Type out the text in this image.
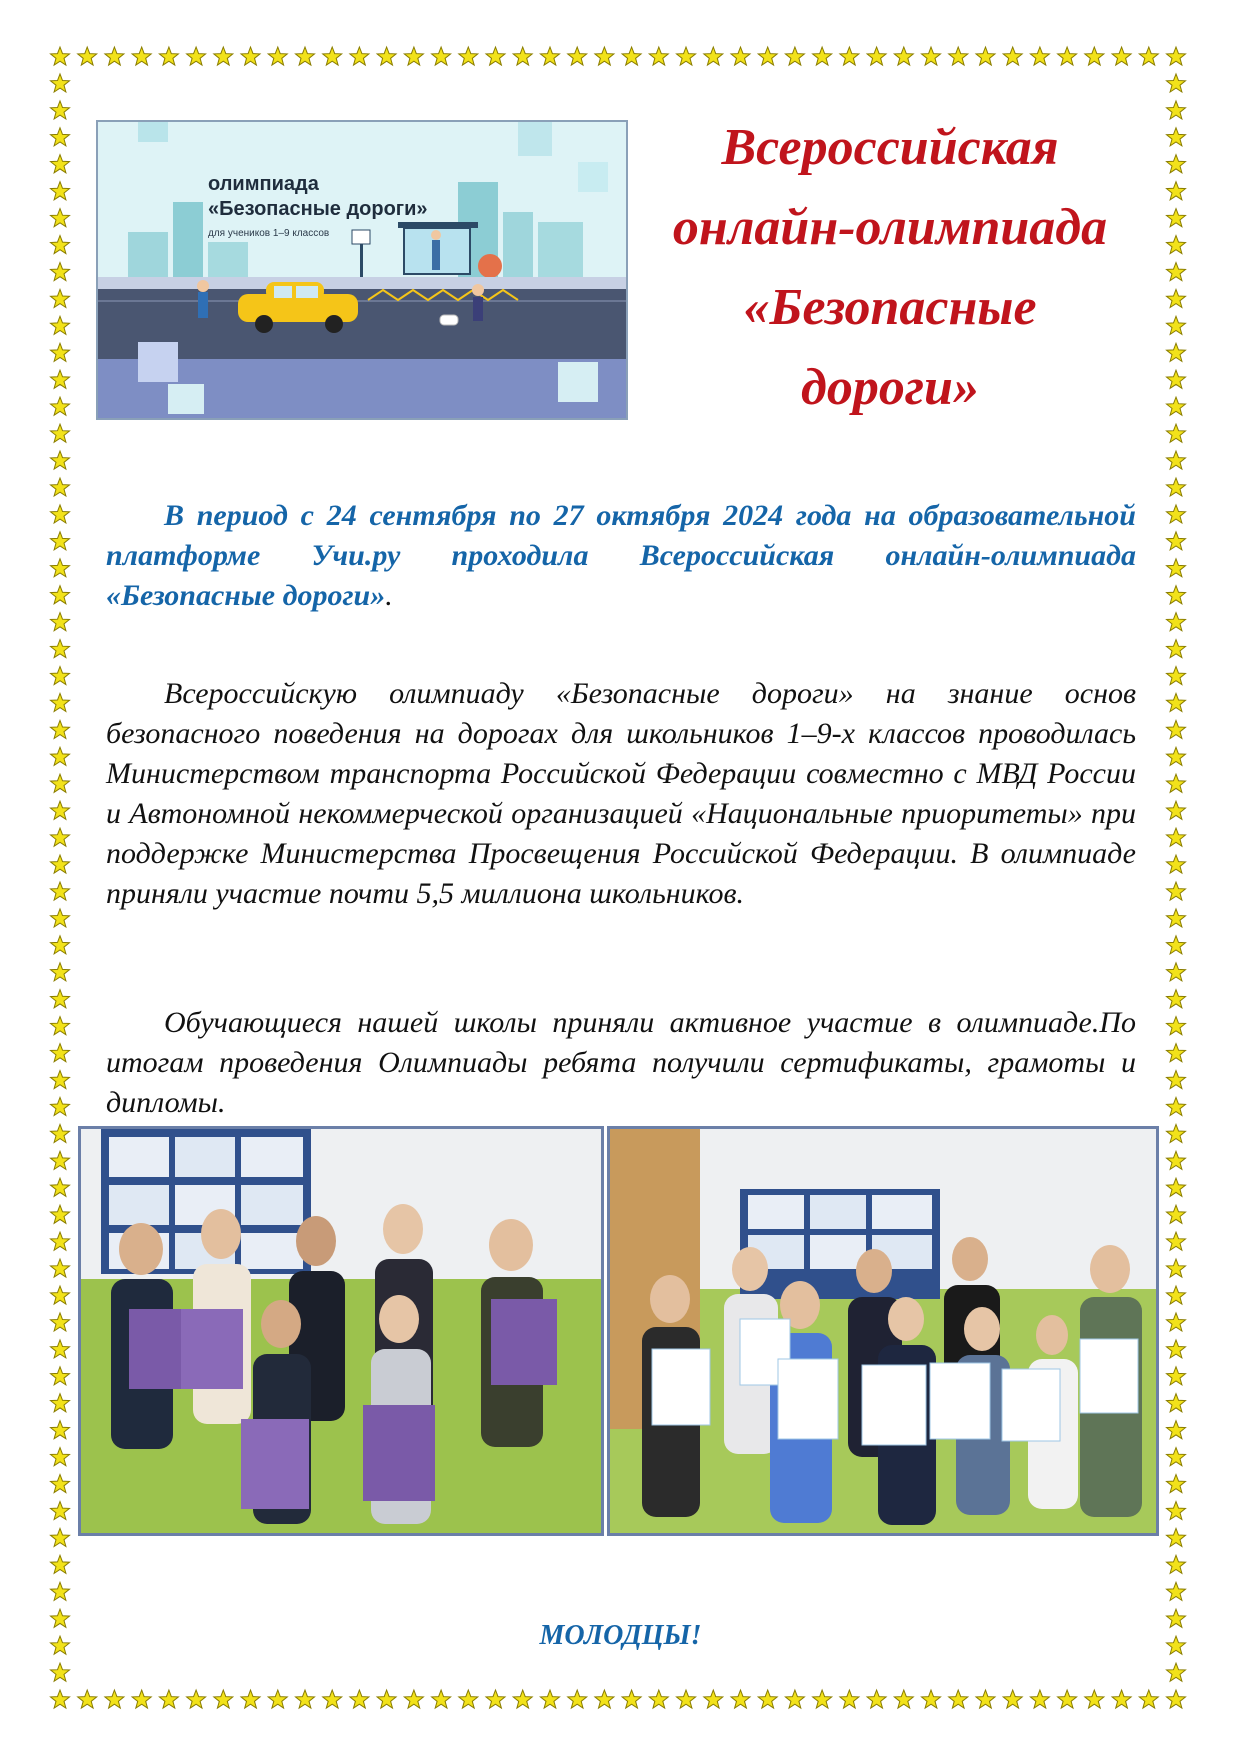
олимпиада
«Безопасные дороги»

для учеников 1–9 классов
Всероссийская
онлайн-олимпиада
«Безопасные
дороги»

В период с 24 сентября по 27 октября 2024 года на образовательной платформе Учи.ру проходила Всероссийская онлайн-олимпиада «Безопасные дороги».

Всероссийскую олимпиаду «Безопасные дороги» на знание основ безопасного поведения на дорогах для школьников 1–9-х классов проводилась Министерством транспорта Российской Федерации совместно с МВД России и Автономной некоммерческой организацией «Национальные приоритеты» при поддержке Министерства Просвещения Российской Федерации. В олимпиаде приняли участие почти 5,5 миллиона школьников.

Обучающиеся нашей школы приняли активное участие в олимпиаде.По итогам проведения Олимпиады ребята получили сертификаты, грамоты и дипломы.

МОЛОДЦЫ!
